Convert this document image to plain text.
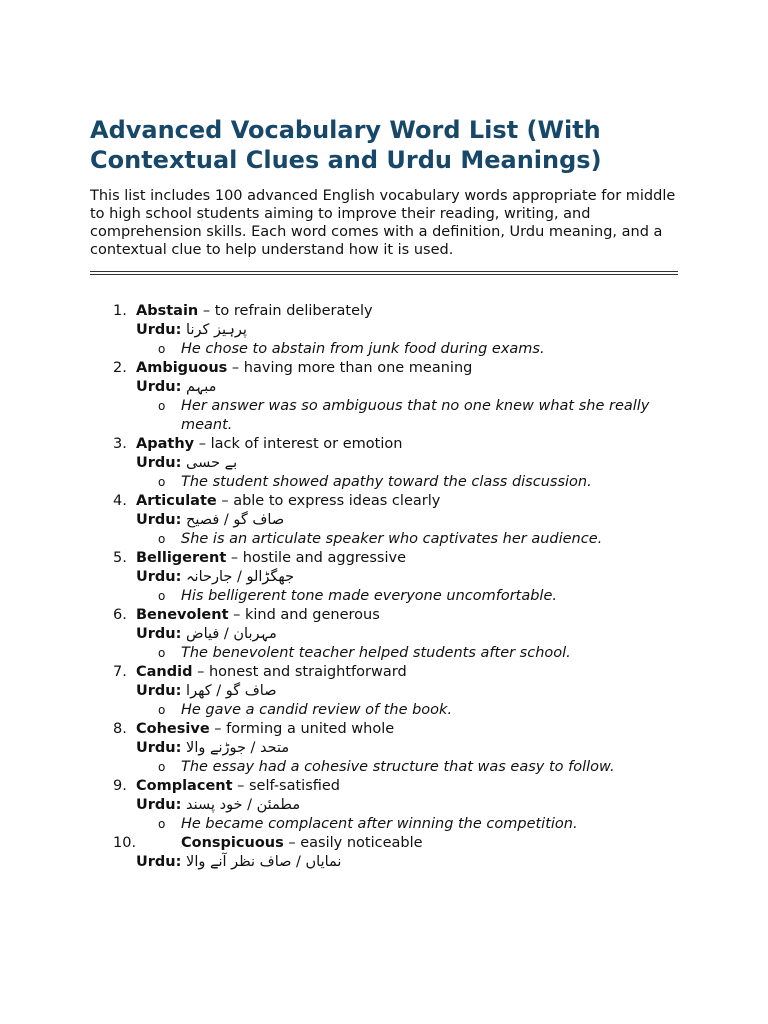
Advanced Vocabulary Word List (With Contextual Clues and Urdu Meanings)

This list includes 100 advanced English vocabulary words appropriate for middle to high school students aiming to improve their reading, writing, and comprehension skills. Each word comes with a definition, Urdu meaning, and a contextual clue to help understand how it is used.

1. Abstain – to refrain deliberately
Urdu: پرہیز کرنا
o He chose to abstain from junk food during exams.
2. Ambiguous – having more than one meaning
Urdu: مبہم
o Her answer was so ambiguous that no one knew what she really meant.
3. Apathy – lack of interest or emotion
Urdu: بے حسی
o The student showed apathy toward the class discussion.
4. Articulate – able to express ideas clearly
Urdu: صاف گو / فصیح
o She is an articulate speaker who captivates her audience.
5. Belligerent – hostile and aggressive
Urdu: جھگڑالو / جارحانہ
o His belligerent tone made everyone uncomfortable.
6. Benevolent – kind and generous
Urdu: مہربان / فیاض
o The benevolent teacher helped students after school.
7. Candid – honest and straightforward
Urdu: صاف گو / کھرا
o He gave a candid review of the book.
8. Cohesive – forming a united whole
Urdu: متحد / جوڑنے والا
o The essay had a cohesive structure that was easy to follow.
9. Complacent – self-satisfied
Urdu: مطمئن / خود پسند
o He became complacent after winning the competition.
10.	Conspicuous – easily noticeable
Urdu: نمایاں / صاف نظر آنے والا
